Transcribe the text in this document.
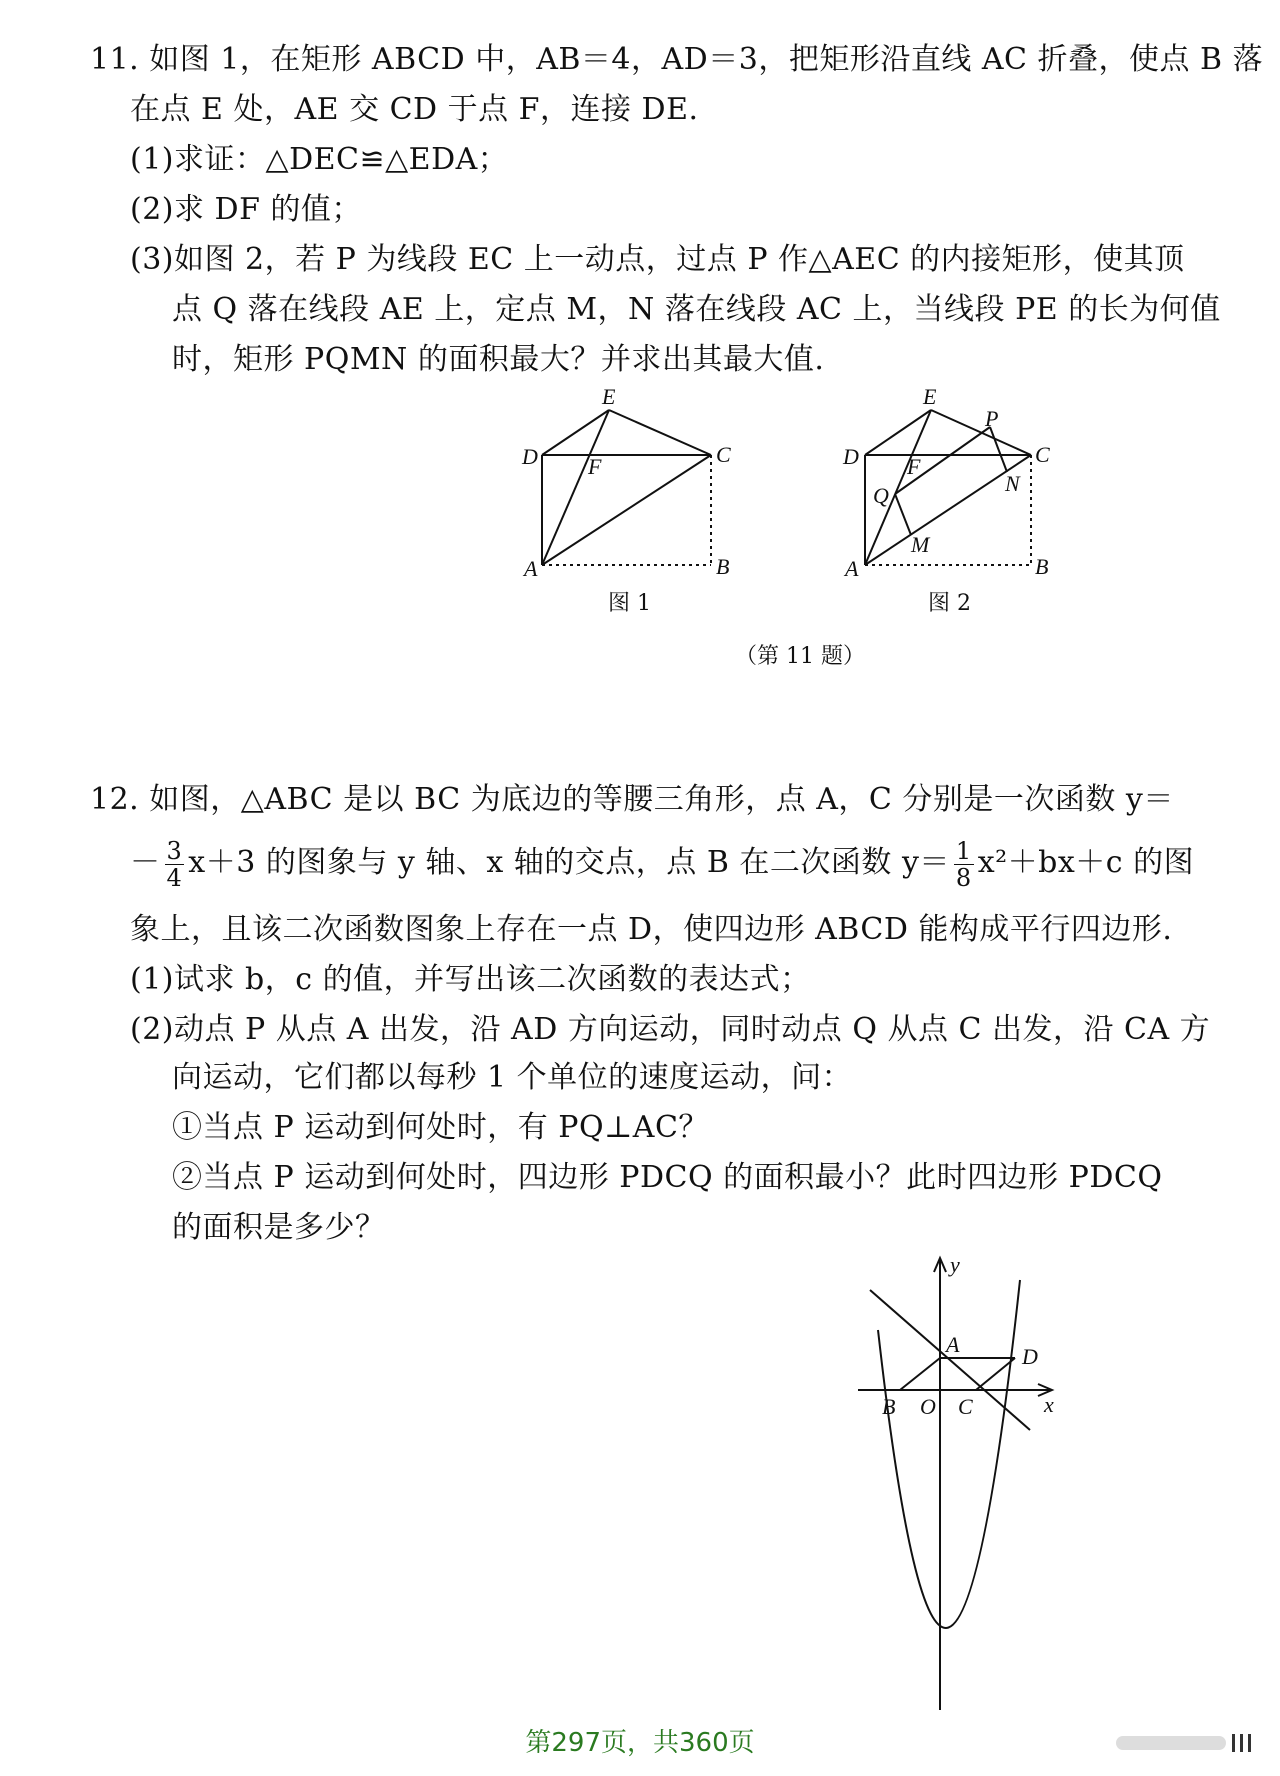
11. 如图 1，在矩形 ABCD 中，AB＝4，AD＝3，把矩形沿直线 AC 折叠，使点 B 落
在点 E 处，AE 交 CD 于点 F，连接 DE.
(1)求证：△DEC≌△EDA；
(2)求 DF 的值；
(3)如图 2，若 P 为线段 EC 上一动点，过点 P 作△AEC 的内接矩形，使其顶
点 Q 落在线段 AE 上，定点 M，N 落在线段 AC 上，当线段 PE 的长为何值
时，矩形 PQMN 的面积最大？并求出其最大值.
E
D F	C
A	B
图 1
E
P
D F	C
Q	N
M
A	B
图 2
（第 11 题）
12. 如图，△ABC 是以 BC 为底边的等腰三角形，点 A，C 分别是一次函数 y＝
－ $\frac{3}{4} x+3$ 的图象与 y 轴、x 轴的交点，点 B 在二次函数 $y= \frac{1}{8} x^2+bx+c$ 的图
象上，且该二次函数图象上存在一点 D，使四边形 ABCD 能构成平行四边形.
(1)试求 b，c 的值，并写出该二次函数的表达式；
(2)动点 P 从点 A 出发，沿 AD 方向运动，同时动点 Q 从点 C 出发，沿 CA 方
向运动，它们都以每秒 1 个单位的速度运动，问：
①当点 P 运动到何处时，有 PQ⊥AC？
②当点 P 运动到何处时，四边形 PDCQ 的面积最小？此时四边形 PDCQ
的面积是多少？
y
x
A	D
B O C
第297页，共360页
